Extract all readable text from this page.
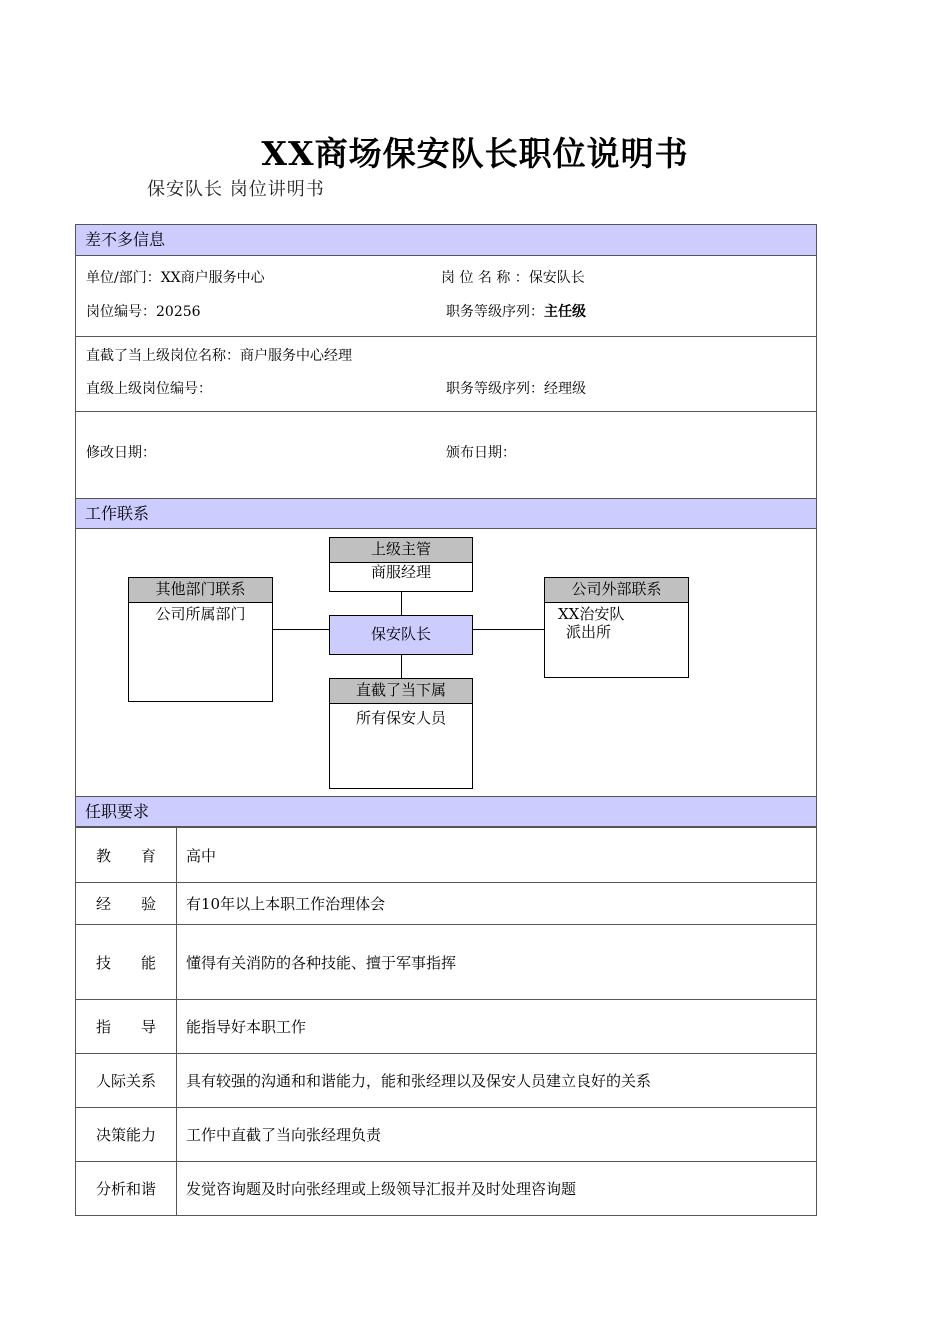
XX商场保安队长职位说明书
保安队长 岗位讲明书
差不多信息
单位/部门：XX商户服务中心	岗 位 名 称 ：保安队长
岗位编号：20256	职务等级序列：主任级
直截了当上级岗位名称：商户服务中心经理
直级上级岗位编号：	职务等级序列：经理级
修改日期：	颁布日期：
工作联系
上级主管
商服经理
其他部门联系
公司所属部门
公司外部联系
XX治安队
派出所
保安队长
直截了当下属
所有保安人员
任职要求
教　　育	高中
经　　验	有10年以上本职工作治理体会
技　　能	懂得有关消防的各种技能、擅于军事指挥
指　　导	能指导好本职工作
人际关系	具有较强的沟通和和谐能力，能和张经理以及保安人员建立良好的关系
决策能力	工作中直截了当向张经理负责
分析和谐	发觉咨询题及时向张经理或上级领导汇报并及时处理咨询题
